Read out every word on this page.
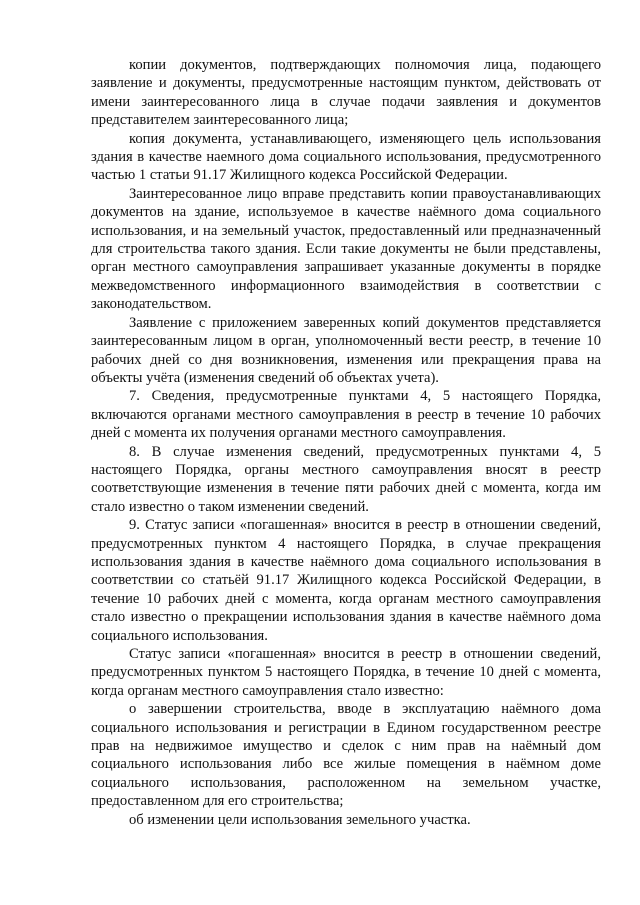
копии документов, подтверждающих полномочия лица, подающего заявление и документы, предусмотренные настоящим пунктом, действовать от имени заинтересованного лица в случае подачи заявления и документов представителем заинтересованного лица;

копия документа, устанавливающего, изменяющего цель использования здания в качестве наемного дома социального использования, предусмотренного частью 1 статьи 91.17 Жилищного кодекса Российской Федерации.

Заинтересованное лицо вправе представить копии правоустанавливающих документов на здание, используемое в качестве наёмного дома социального использования, и на земельный участок, предоставленный или предназначенный для строительства такого здания. Если такие документы не были представлены, орган местного самоуправления запрашивает указанные документы в порядке межведомственного информационного взаимодействия в соответствии с законодательством.

Заявление с приложением заверенных копий документов представляется заинтересованным лицом в орган, уполномоченный вести реестр, в течение 10 рабочих дней со дня возникновения, изменения или прекращения права на объекты учёта (изменения сведений об объектах учета).

7. Сведения, предусмотренные пунктами 4, 5 настоящего Порядка, включаются органами местного самоуправления в реестр в течение 10 рабочих дней с момента их получения органами местного самоуправления.

8. В случае изменения сведений, предусмотренных пунктами 4, 5 настоящего Порядка, органы местного самоуправления вносят в реестр соответствующие изменения в течение пяти рабочих дней с момента, когда им стало известно о таком изменении сведений.

9. Статус записи «погашенная» вносится в реестр в отношении сведений, предусмотренных пунктом 4 настоящего Порядка, в случае прекращения использования здания в качестве наёмного дома социального использования в соответствии со статьёй 91.17 Жилищного кодекса Российской Федерации, в течение 10 рабочих дней с момента, когда органам местного самоуправления стало известно о прекращении использования здания в качестве наёмного дома социального использования.

Статус записи «погашенная» вносится в реестр в отношении сведений, предусмотренных пунктом 5 настоящего Порядка, в течение 10 дней с момента, когда органам местного самоуправления стало известно:

о завершении строительства, вводе в эксплуатацию наёмного дома социального использования и регистрации в Едином государственном реестре прав на недвижимое имущество и сделок с ним прав на наёмный дом социального использования либо все жилые помещения в наёмном доме социального использования, расположенном на земельном участке, предоставленном для его строительства;

об изменении цели использования земельного участка.
